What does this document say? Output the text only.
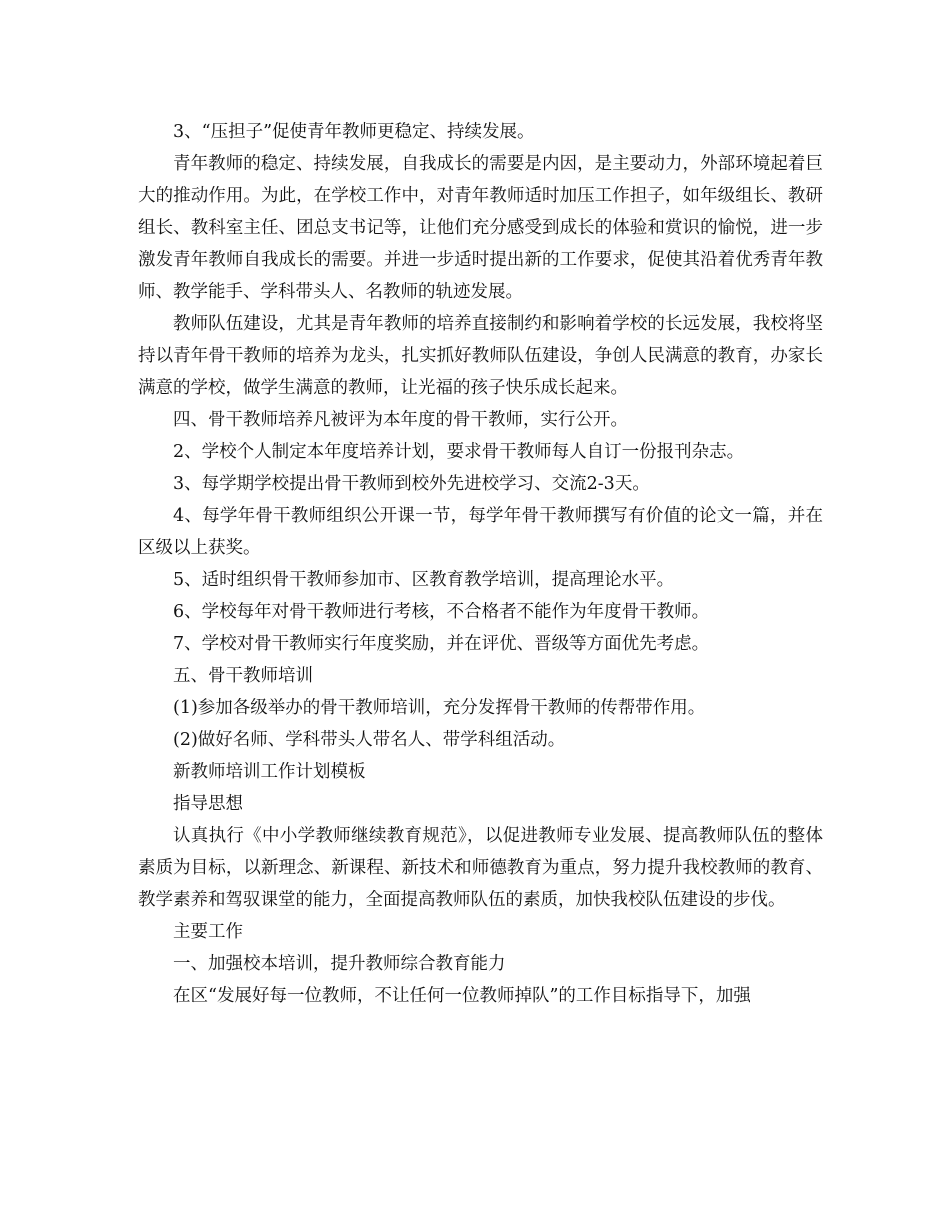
3、“压担子”促使青年教师更稳定、持续发展。

青年教师的稳定、持续发展，自我成长的需要是内因，是主要动力，外部环境起着巨大的推动作用。为此，在学校工作中，对青年教师适时加压工作担子，如年级组长、教研组长、教科室主任、团总支书记等，让他们充分感受到成长的体验和赏识的愉悦，进一步激发青年教师自我成长的需要。并进一步适时提出新的工作要求，促使其沿着优秀青年教师、教学能手、学科带头人、名教师的轨迹发展。

教师队伍建设，尤其是青年教师的培养直接制约和影响着学校的长远发展，我校将坚持以青年骨干教师的培养为龙头，扎实抓好教师队伍建设，争创人民满意的教育，办家长满意的学校，做学生满意的教师，让光福的孩子快乐成长起来。

四、骨干教师培养凡被评为本年度的骨干教师，实行公开。

2、学校个人制定本年度培养计划，要求骨干教师每人自订一份报刊杂志。

3、每学期学校提出骨干教师到校外先进校学习、交流2-3天。

4、每学年骨干教师组织公开课一节，每学年骨干教师撰写有价值的论文一篇，并在区级以上获奖。

5、适时组织骨干教师参加市、区教育教学培训，提高理论水平。

6、学校每年对骨干教师进行考核，不合格者不能作为年度骨干教师。

7、学校对骨干教师实行年度奖励，并在评优、晋级等方面优先考虑。

五、骨干教师培训

(1)参加各级举办的骨干教师培训，充分发挥骨干教师的传帮带作用。

(2)做好名师、学科带头人带名人、带学科组活动。

新教师培训工作计划模板

指导思想

认真执行《中小学教师继续教育规范》，以促进教师专业发展、提高教师队伍的整体素质为目标，以新理念、新课程、新技术和师德教育为重点，努力提升我校教师的教育、教学素养和驾驭课堂的能力，全面提高教师队伍的素质，加快我校队伍建设的步伐。

主要工作

一、加强校本培训，提升教师综合教育能力

在区“发展好每一位教师，不让任何一位教师掉队”的工作目标指导下，加强
